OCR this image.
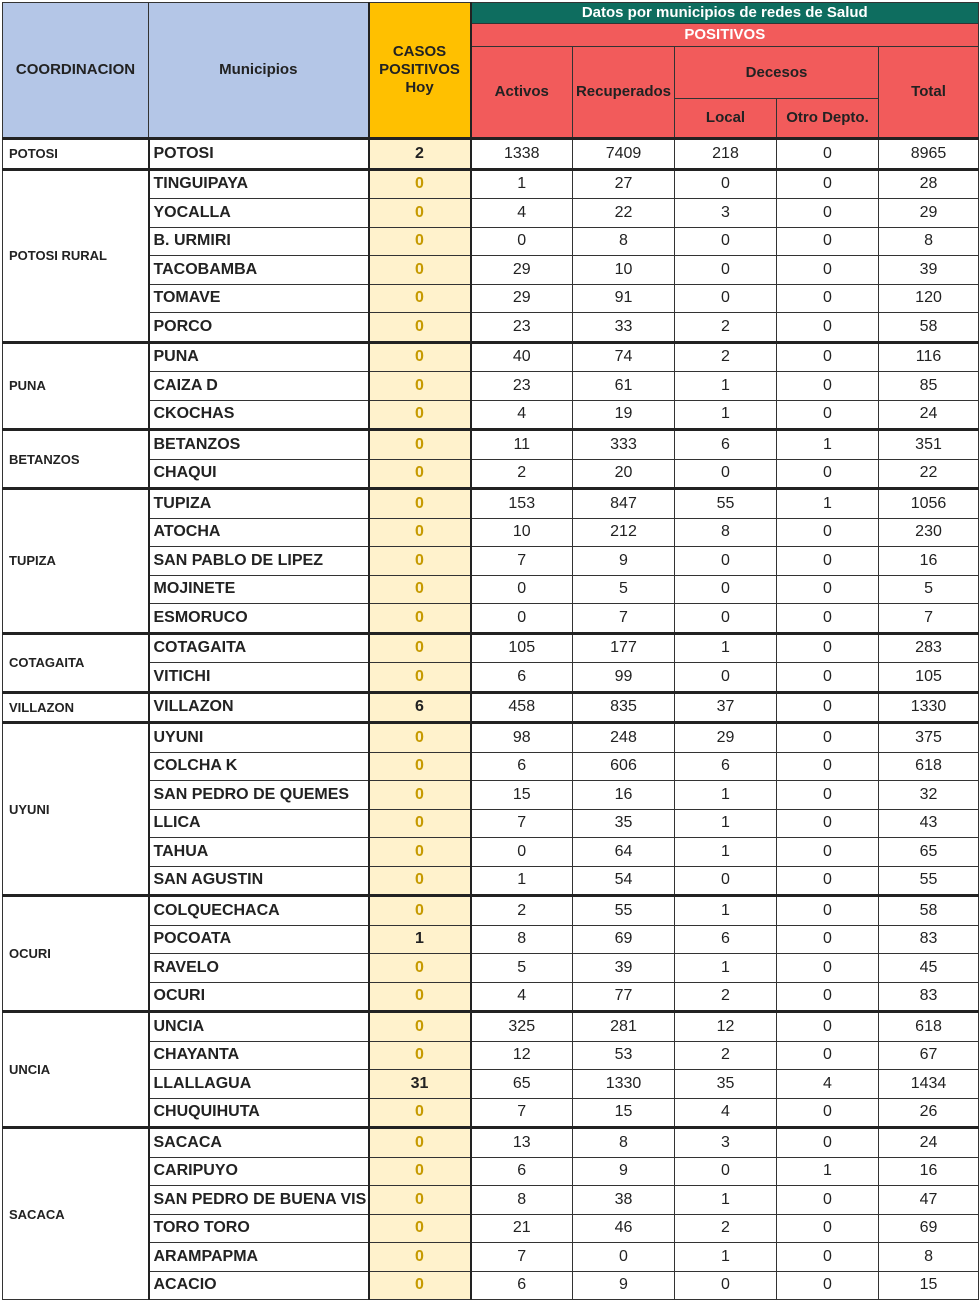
COORDINACION	Municipios	CASOS POSITIVOS Hoy	Datos por municipios de redes de Salud				
			POSITIVOS				
			Activos	Recuperados	Decesos		Total
					Local	Otro Depto.	
POTOSI	POTOSI	2	1338	7409	218	0	8965
POTOSI RURAL	TINGUIPAYA	0	1	27	0	0	28
	YOCALLA	0	4	22	3	0	29
	B. URMIRI	0	0	8	0	0	8
	TACOBAMBA	0	29	10	0	0	39
	TOMAVE	0	29	91	0	0	120
	PORCO	0	23	33	2	0	58
PUNA	PUNA	0	40	74	2	0	116
	CAIZA D	0	23	61	1	0	85
	CKOCHAS	0	4	19	1	0	24
BETANZOS	BETANZOS	0	11	333	6	1	351
	CHAQUI	0	2	20	0	0	22
TUPIZA	TUPIZA	0	153	847	55	1	1056
	ATOCHA	0	10	212	8	0	230
	SAN PABLO DE LIPEZ	0	7	9	0	0	16
	MOJINETE	0	0	5	0	0	5
	ESMORUCO	0	0	7	0	0	7
COTAGAITA	COTAGAITA	0	105	177	1	0	283
	VITICHI	0	6	99	0	0	105
VILLAZON	VILLAZON	6	458	835	37	0	1330
UYUNI	UYUNI	0	98	248	29	0	375
	COLCHA K	0	6	606	6	0	618
	SAN PEDRO DE QUEMES	0	15	16	1	0	32
	LLICA	0	7	35	1	0	43
	TAHUA	0	0	64	1	0	65
	SAN AGUSTIN	0	1	54	0	0	55
OCURI	COLQUECHACA	0	2	55	1	0	58
	POCOATA	1	8	69	6	0	83
	RAVELO	0	5	39	1	0	45
	OCURI	0	4	77	2	0	83
UNCIA	UNCIA	0	325	281	12	0	618
	CHAYANTA	0	12	53	2	0	67
	LLALLAGUA	31	65	1330	35	4	1434
	CHUQUIHUTA	0	7	15	4	0	26
SACACA	SACACA	0	13	8	3	0	24
	CARIPUYO	0	6	9	0	1	16
	SAN PEDRO DE BUENA VIS	0	8	38	1	0	47
	TORO TORO	0	21	46	2	0	69
	ARAMPAPMA	0	7	0	1	0	8
	ACACIO	0	6	9	0	0	15
